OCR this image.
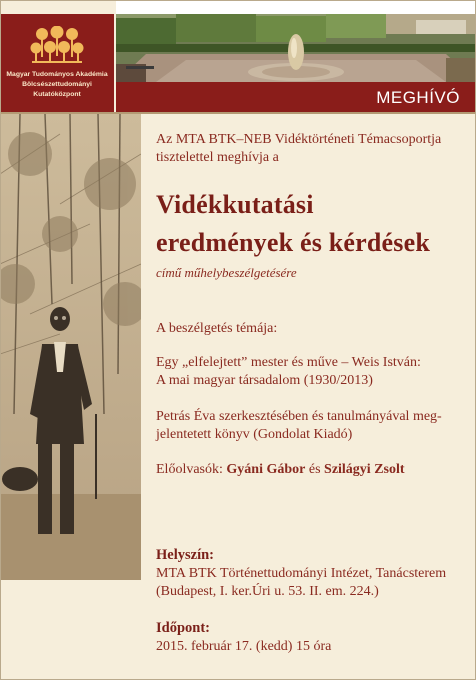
Magyar Tudományos Akadémia
Bölcsészettudományi
Kutatóközpont	MEGHÍVÓ
Az MTA BTK–NEB Vidéktörténeti Témacsoportja
tisztelettel meghívja a
Vidékkutatási
eredmények és kérdések
című műhelybeszélgetésére
A beszélgetés témája:
Egy „elfelejtett” mester és műve – Weis István:
A mai magyar társadalom (1930/2013)
Petrás Éva szerkesztésében és tanulmányával meg-
jelentetett könyv (Gondolat Kiadó)
Előolvasók: Gyáni Gábor és Szilágyi Zsolt
Helyszín:
MTA BTK Történettudományi Intézet, Tanácsterem
(Budapest, I. ker.Úri u. 53. II. em. 224.)
Időpont:
2015. február 17. (kedd) 15 óra
